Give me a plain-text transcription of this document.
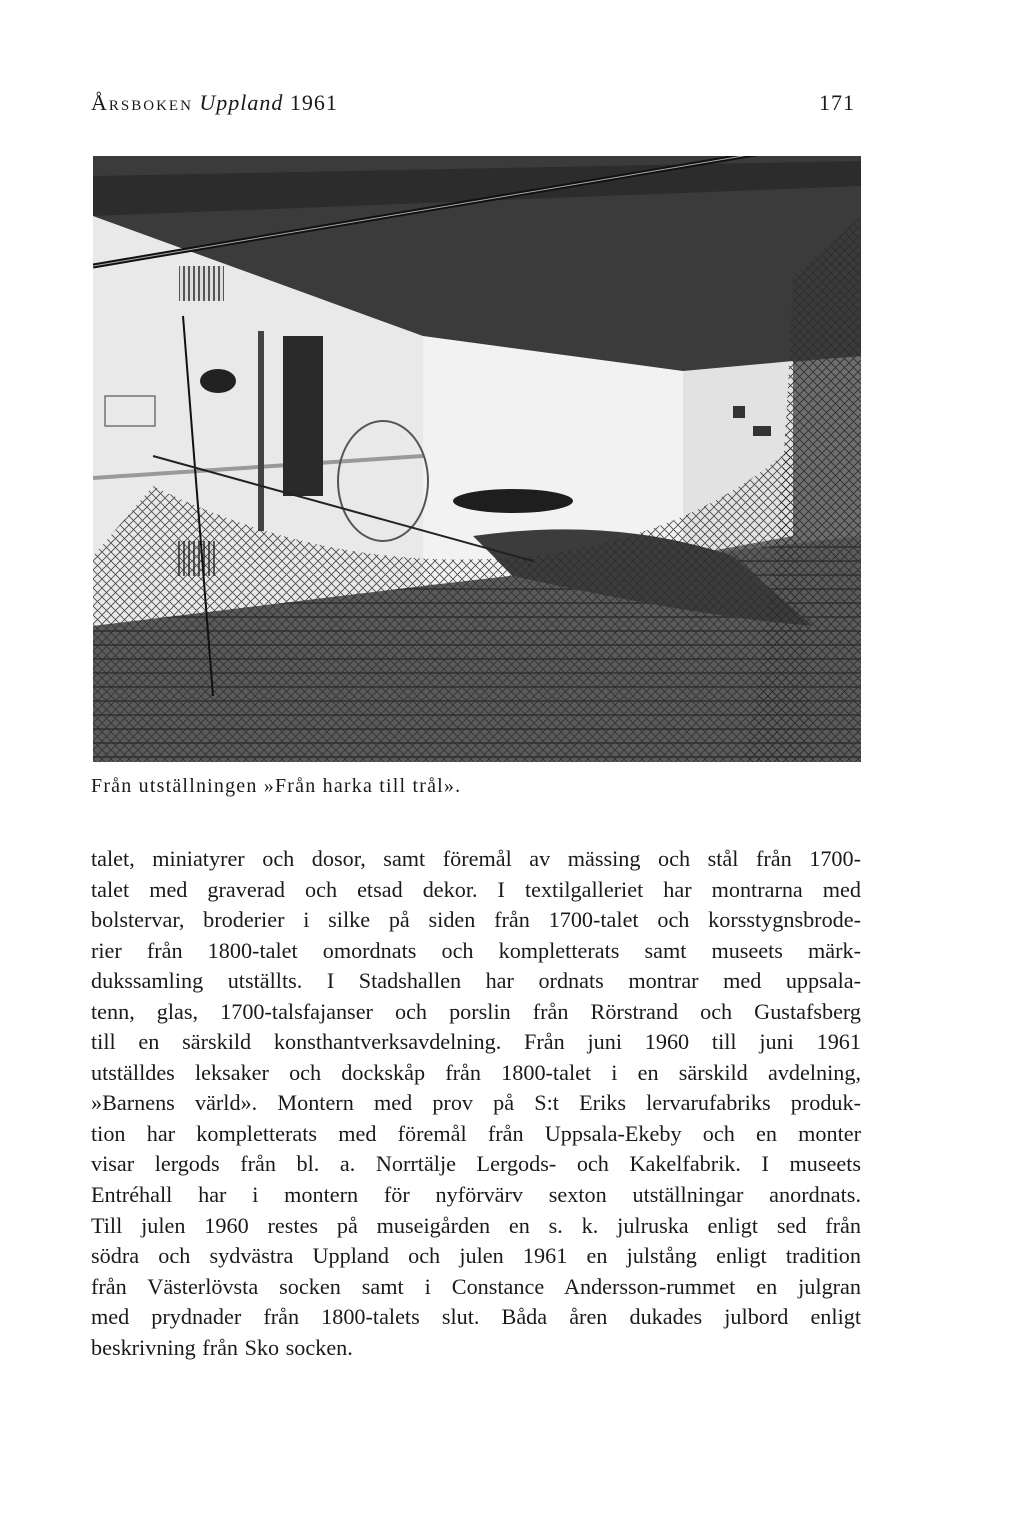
Årsboken Uppland 1961	171
Från utställningen »Från harka till trål».
talet, miniatyrer och dosor, samt föremål av mässing och stål från 1700-
talet med graverad och etsad dekor. I textilgalleriet har montrarna med
bolstervar, broderier i silke på siden från 1700-talet och korsstygnsbrode-
rier från 1800-talet omordnats och kompletterats samt museets märk-
dukssamling utställts. I Stadshallen har ordnats montrar med uppsala-
tenn, glas, 1700-talsfajanser och porslin från Rörstrand och Gustafsberg
till en särskild konsthantverksavdelning. Från juni 1960 till juni 1961
utställdes leksaker och dockskåp från 1800-talet i en särskild avdelning,
»Barnens värld». Montern med prov på S:t Eriks lervarufabriks produk-
tion har kompletterats med föremål från Uppsala-Ekeby och en monter
visar lergods från bl. a. Norrtälje Lergods- och Kakelfabrik. I museets
Entréhall har i montern för nyförvärv sexton utställningar anordnats.
Till julen 1960 restes på museigården en s. k. julruska enligt sed från
södra och sydvästra Uppland och julen 1961 en julstång enligt tradition
från Västerlövsta socken samt i Constance Andersson-rummet en julgran
med prydnader från 1800-talets slut. Båda åren dukades julbord enligt
beskrivning från Sko socken.
